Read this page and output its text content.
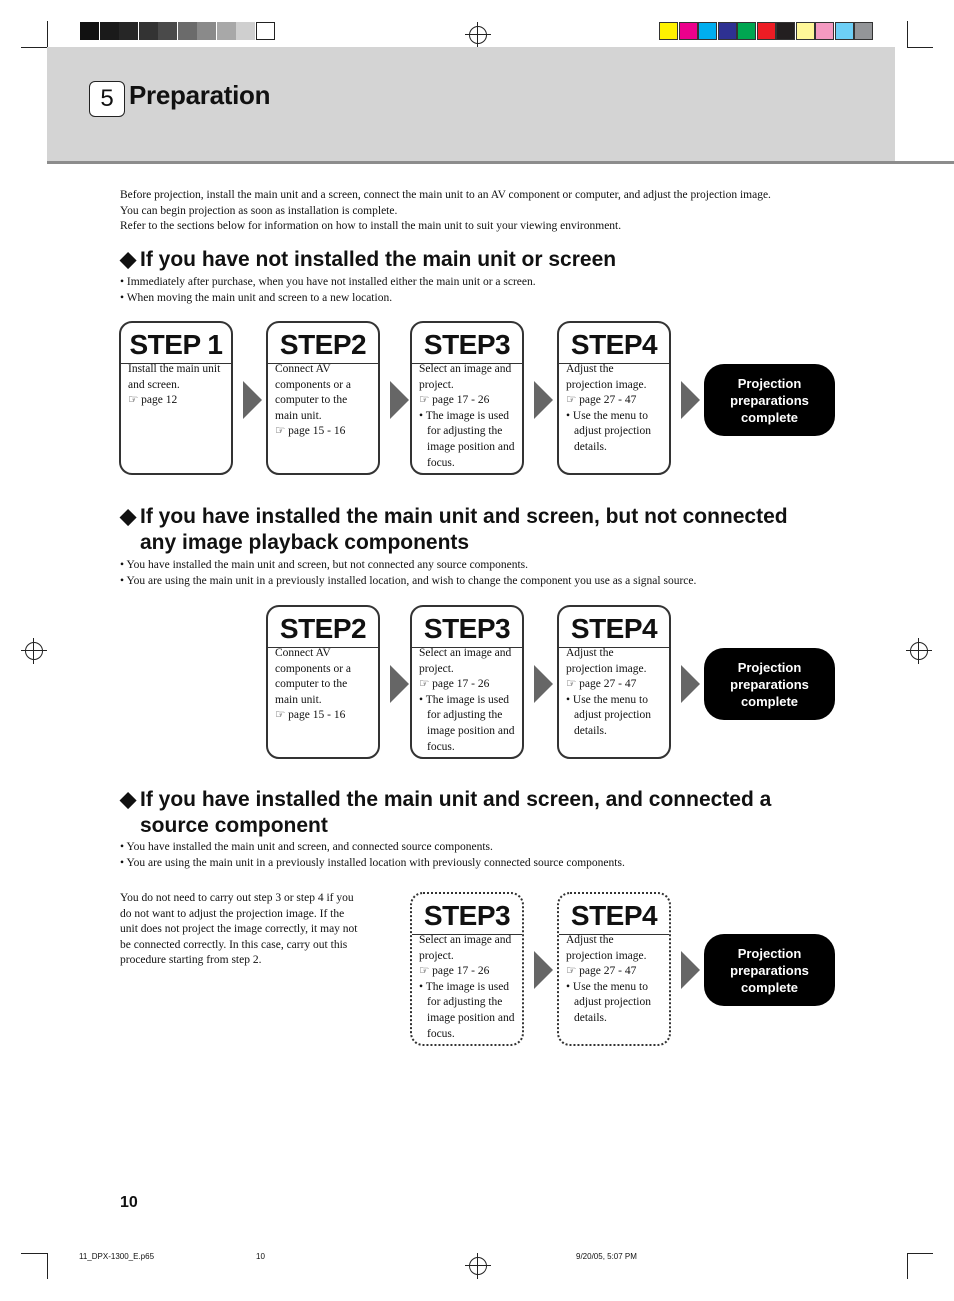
5 Preparation
Before projection, install the main unit and a screen, connect the main unit to an AV component or computer, and adjust the projection image.
You can begin projection as soon as installation is complete.
Refer to the sections below for information on how to install the main unit to suit your viewing environment.
◆ If you have not installed the main unit or screen
• Immediately after purchase, when you have not installed either the main unit or a screen.
• When moving the main unit and screen to a new location.
STEP 1
Install the main unit
and screen.
☞ page 12
STEP2
Connect AV
components or a
computer to the
main unit.
☞ page 15 - 16
STEP3
Select an image and
project.
☞ page 17 - 26
• The image is used for adjusting the image position and focus.
STEP4
Adjust the
projection image.
☞ page 27 - 47
• Use the menu to adjust projection details.
Projection
preparations
complete
◆ If you have installed the main unit and screen, but not connected
any image playback components
• You have installed the main unit and screen, but not connected any source components.
• You are using the main unit in a previously installed location, and wish to change the component you use as a signal source.
STEP2
Connect AV
components or a
computer to the
main unit.
☞ page 15 - 16
STEP3
Select an image and
project.
☞ page 17 - 26
• The image is used for adjusting the image position and focus.
STEP4
Adjust the
projection image.
☞ page 27 - 47
• Use the menu to adjust projection details.
Projection
preparations
complete
◆ If you have installed the main unit and screen, and connected a
source component
• You have installed the main unit and screen, and connected source components.
• You are using the main unit in a previously installed location with previously connected source components.
You do not need to carry out step 3 or step 4 if you
do not want to adjust the projection image. If the
unit does not project the image correctly, it may not
be connected correctly. In this case, carry out this
procedure starting from step 2.
STEP3
Select an image and
project.
☞ page 17 - 26
• The image is used for adjusting the image position and focus.
STEP4
Adjust the
projection image.
☞ page 27 - 47
• Use the menu to adjust projection details.
Projection
preparations
complete
10
11_DPX-1300_E.p65	10	9/20/05, 5:07 PM
